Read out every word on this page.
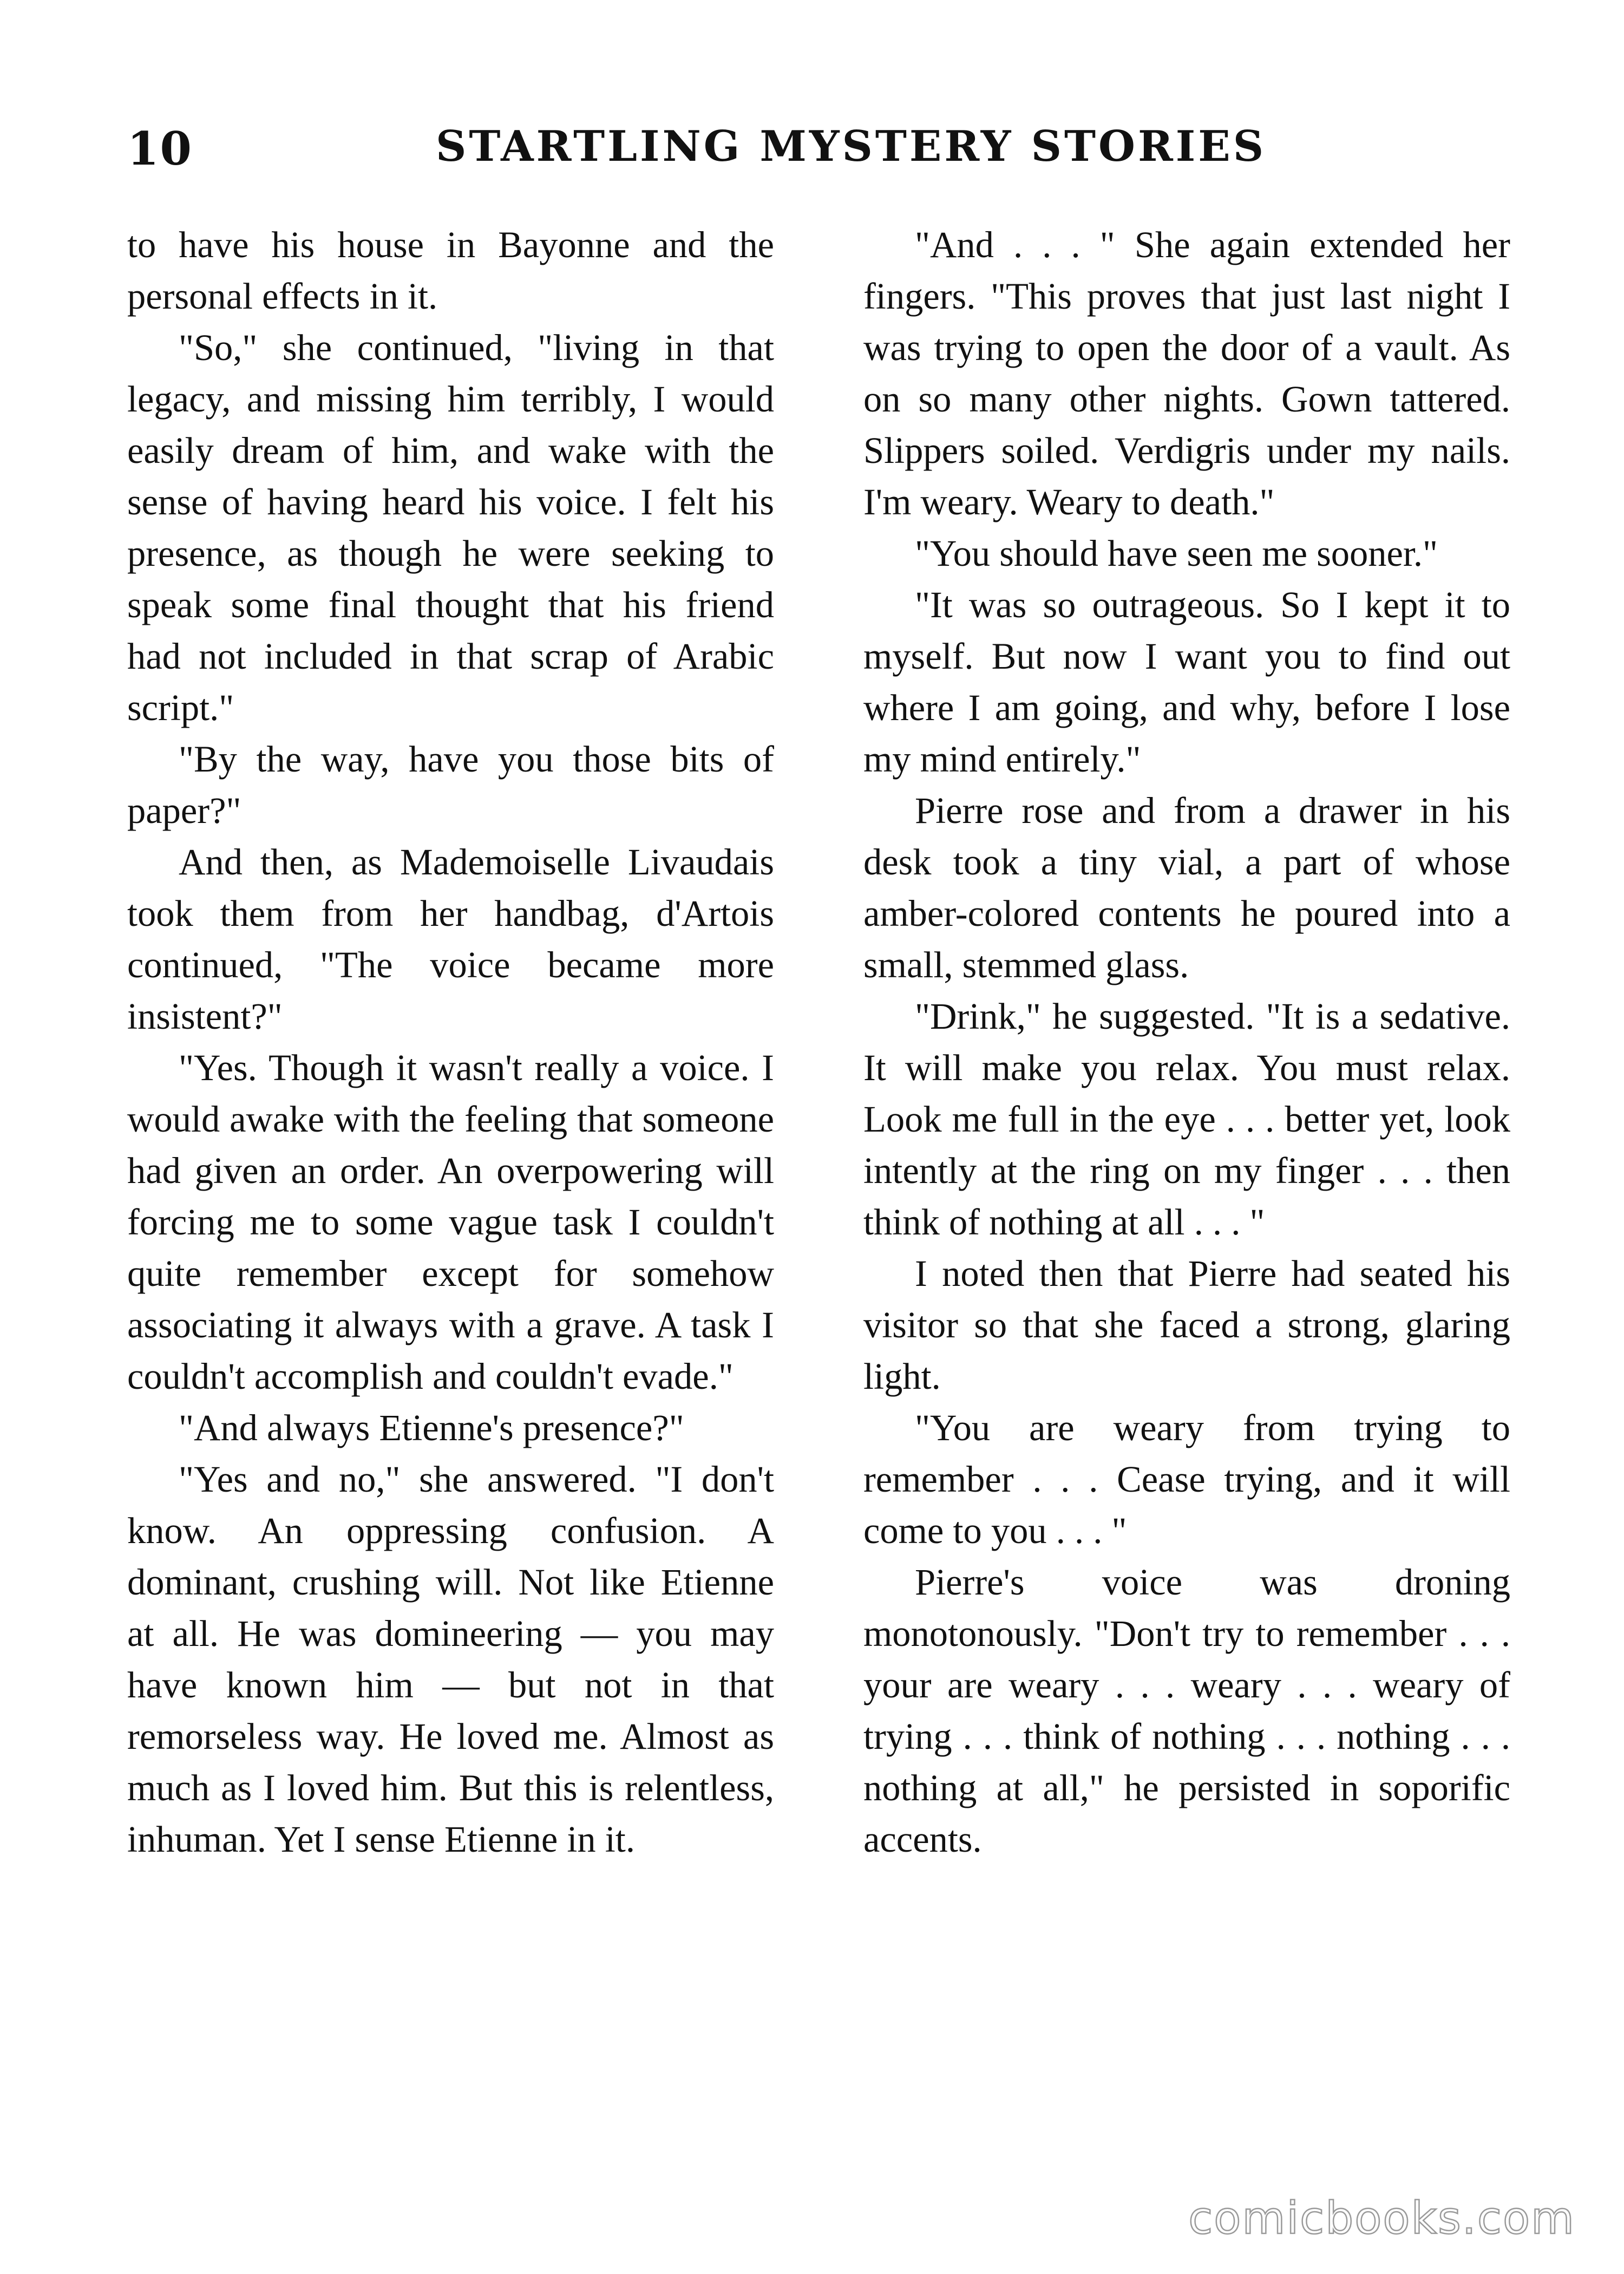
10	STARTLING MYSTERY STORIES

to have his house in Bayonne and the personal effects in it.

"So," she continued, "living in that legacy, and missing him terribly, I would easily dream of him, and wake with the sense of having heard his voice. I felt his presence, as though he were seeking to speak some final thought that his friend had not included in that scrap of Arabic script."

"By the way, have you those bits of paper?"

And then, as Mademoiselle Livaudais took them from her handbag, d'Artois continued, "The voice became more insistent?"

"Yes. Though it wasn't really a voice. I would awake with the feeling that someone had given an order. An overpowering will forcing me to some vague task I couldn't quite remember except for somehow associating it always with a grave. A task I couldn't accomplish and couldn't evade."

"And always Etienne's presence?"

"Yes and no," she answered. "I don't know. An oppressing confusion. A dominant, crushing will. Not like Etienne at all. He was domineering — you may have known him — but not in that remorseless way. He loved me. Almost as much as I loved him. But this is relentless, inhuman. Yet I sense Etienne in it.

"And . . . " She again extended her fingers. "This proves that just last night I was trying to open the door of a vault. As on so many other nights. Gown tattered. Slippers soiled. Verdigris under my nails. I'm weary. Weary to death."

"You should have seen me sooner."

"It was so outrageous. So I kept it to myself. But now I want you to find out where I am going, and why, before I lose my mind entirely."

Pierre rose and from a drawer in his desk took a tiny vial, a part of whose amber-colored contents he poured into a small, stemmed glass.

"Drink," he suggested. "It is a sedative. It will make you relax. You must relax. Look me full in the eye . . . better yet, look intently at the ring on my finger . . . then think of nothing at all . . . "

I noted then that Pierre had seated his visitor so that she faced a strong, glaring light.

"You are weary from trying to remember . . . Cease trying, and it will come to you . . . "

Pierre's voice was droning monotonously. "Don't try to remember . . . your are weary . . . weary . . . weary of trying . . . think of nothing . . . nothing . . . nothing at all," he persisted in soporific accents.

comicbooks.com
